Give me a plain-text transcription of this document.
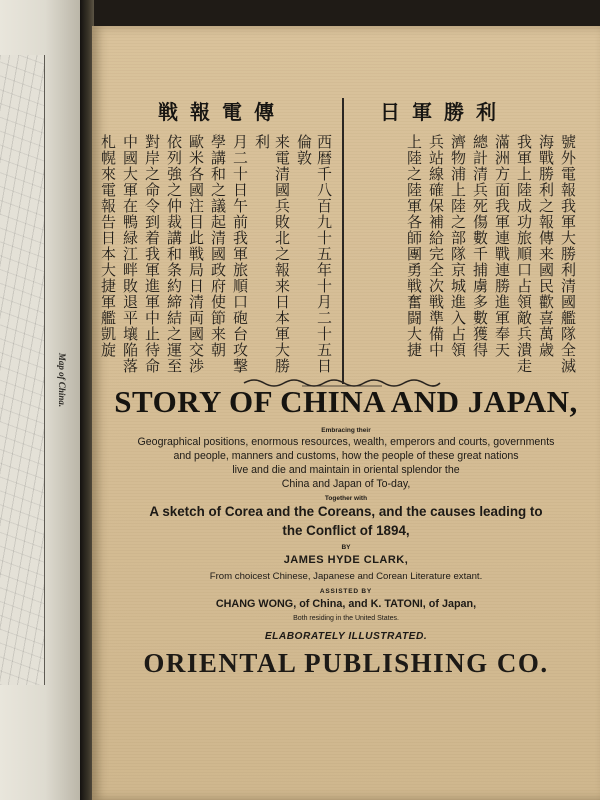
Map of China.
戦報電傳	日軍勝利
西暦千八百九十五年十月二十五日倫敦
来電清國兵敗北之報来日本軍大勝利
月二十日午前我軍旅順口砲台攻撃
學講和之議起清國政府使節来朝
歐米各國注目此戦局日清両國交渉
依列強之仲裁講和条約締結之運至
對岸之命令到着我軍進軍中止待命
中國大軍在鴨緑江畔敗退平壤陥落
札幌來電報告日本大捷軍艦凱旋	號外電報我軍大勝利清國艦隊全滅
海戰勝利之報傳来國民歡喜萬歳
我軍上陸成功旅順口占領敵兵潰走
滿洲方面我軍連戰連勝進軍奉天
總計清兵死傷數千捕虜多數獲得
濟物浦上陸之部隊京城進入占領
兵站線確保補給完全次戦準備中
上陸之陸軍各師團勇戦奮闘大捷
STORY OF CHINA AND JAPAN,
Embracing their
Geographical positions, enormous resources, wealth, emperors and courts, governments
and people, manners and customs, how the people of these great nations
live and die and maintain in oriental splendor the
China and Japan of To-day,
Together with
A sketch of Corea and the Coreans, and the causes leading to
the Conflict of 1894,
BY
JAMES HYDE CLARK,
From choicest Chinese, Japanese and Corean Literature extant.
ASSISTED BY
CHANG WONG, of China, and K. TATONI, of Japan,
Both residing in the United States.
ELABORATELY ILLUSTRATED.
ORIENTAL PUBLISHING CO.
